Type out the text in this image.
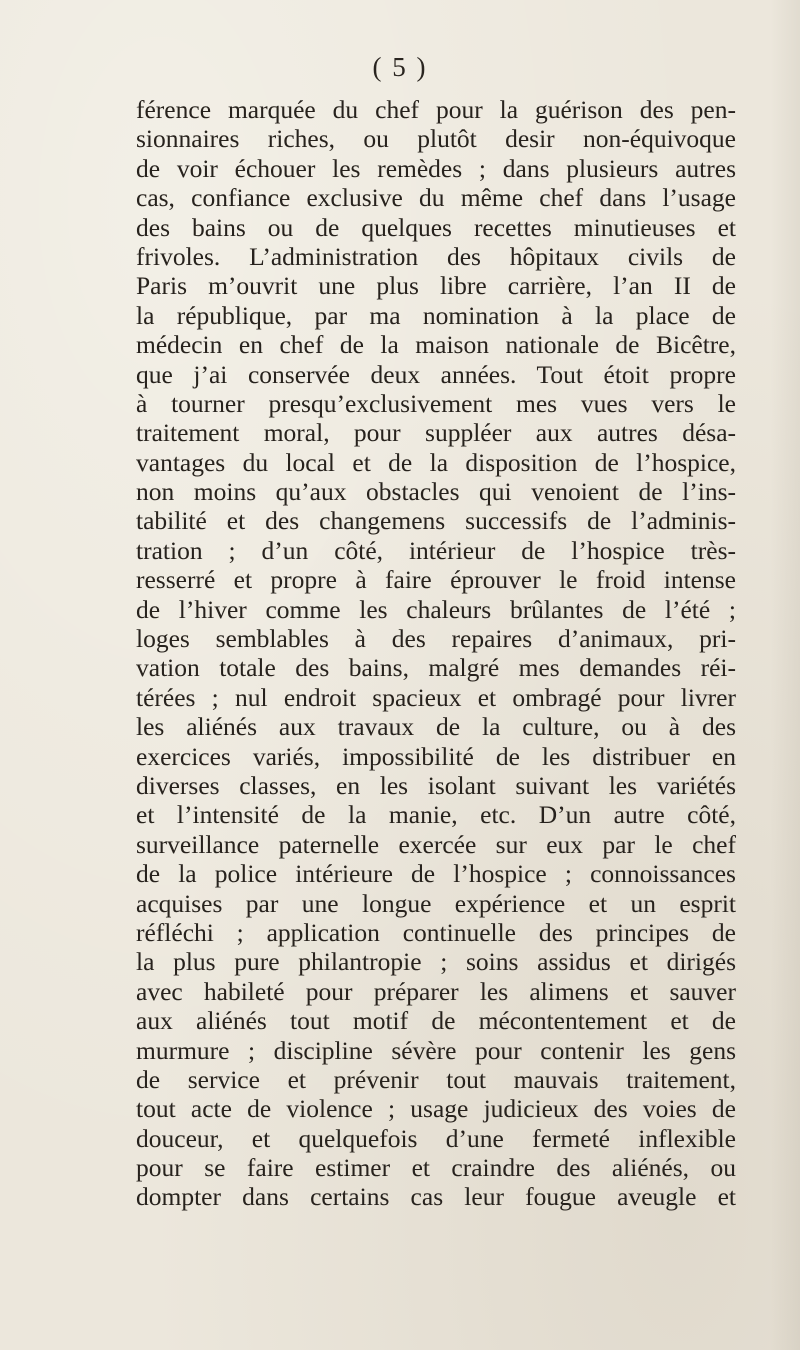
( 5 )
férence marquée du chef pour la guérison des pen-
sionnaires riches, ou plutôt desir non-équivoque
de voir échouer les remèdes ; dans plusieurs autres
cas, confiance exclusive du même chef dans l’usage
des bains ou de quelques recettes minutieuses et
frivoles. L’administration des hôpitaux civils de
Paris m’ouvrit une plus libre carrière, l’an II de
la république, par ma nomination à la place de
médecin en chef de la maison nationale de Bicêtre,
que j’ai conservée deux années. Tout étoit propre
à tourner presqu’exclusivement mes vues vers le
traitement moral, pour suppléer aux autres désa-
vantages du local et de la disposition de l’hospice,
non moins qu’aux obstacles qui venoient de l’ins-
tabilité et des changemens successifs de l’adminis-
tration ; d’un côté, intérieur de l’hospice très-
resserré et propre à faire éprouver le froid intense
de l’hiver comme les chaleurs brûlantes de l’été ;
loges semblables à des repaires d’animaux, pri-
vation totale des bains, malgré mes demandes réi-
térées ; nul endroit spacieux et ombragé pour livrer
les aliénés aux travaux de la culture, ou à des
exercices variés, impossibilité de les distribuer en
diverses classes, en les isolant suivant les variétés
et l’intensité de la manie, etc. D’un autre côté,
surveillance paternelle exercée sur eux par le chef
de la police intérieure de l’hospice ; connoissances
acquises par une longue expérience et un esprit
réfléchi ; application continuelle des principes de
la plus pure philantropie ; soins assidus et dirigés
avec habileté pour préparer les alimens et sauver
aux aliénés tout motif de mécontentement et de
murmure ; discipline sévère pour contenir les gens
de service et prévenir tout mauvais traitement,
tout acte de violence ; usage judicieux des voies de
douceur, et quelquefois d’une fermeté inflexible
pour se faire estimer et craindre des aliénés, ou
dompter dans certains cas leur fougue aveugle et
